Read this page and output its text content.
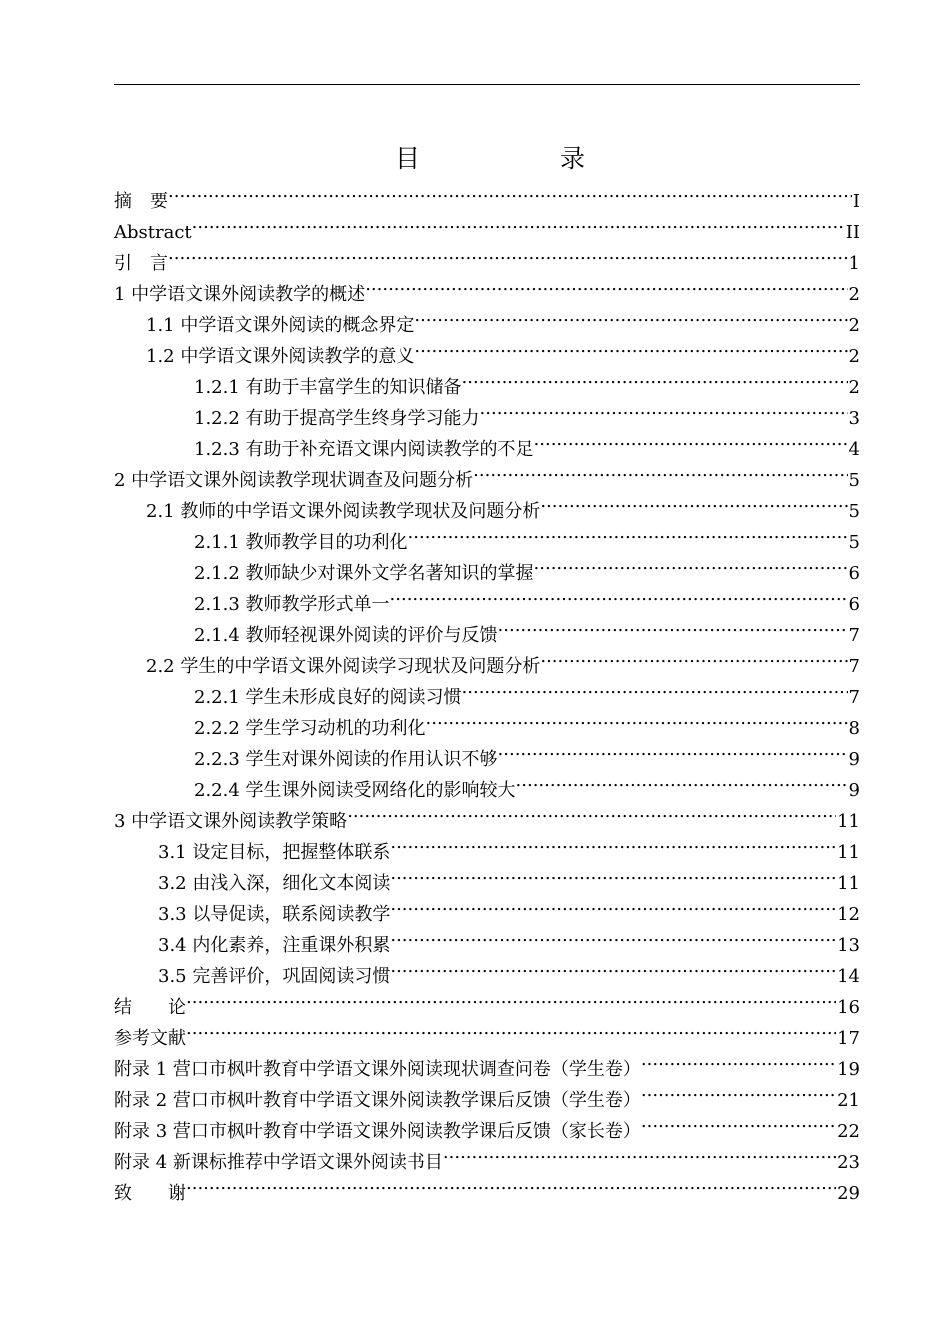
目　　录
摘　要 .....	I
Abstract .....	II
引　言 .....	1
1 中学语文课外阅读教学的概述 .....	2
1.1 中学语文课外阅读的概念界定 .....	2
1.2 中学语文课外阅读教学的意义 .....	2
1.2.1 有助于丰富学生的知识储备 .....	2
1.2.2 有助于提高学生终身学习能力 .....	3
1.2.3 有助于补充语文课内阅读教学的不足 .....	4
2 中学语文课外阅读教学现状调查及问题分析 .....	5
2.1 教师的中学语文课外阅读教学现状及问题分析 .....	5
2.1.1 教师教学目的功利化 .....	5
2.1.2 教师缺少对课外文学名著知识的掌握 .....	6
2.1.3 教师教学形式单一 .....	6
2.1.4 教师轻视课外阅读的评价与反馈 .....	7
2.2 学生的中学语文课外阅读学习现状及问题分析 .....	7
2.2.1 学生未形成良好的阅读习惯 .....	7
2.2.2 学生学习动机的功利化 .....	8
2.2.3 学生对课外阅读的作用认识不够 .....	9
2.2.4 学生课外阅读受网络化的影响较大 .....	9
3 中学语文课外阅读教学策略 .....	11
3.1 设定目标，把握整体联系 .....	11
3.2 由浅入深，细化文本阅读 .....	11
3.3 以导促读，联系阅读教学 .....	12
3.4 内化素养，注重课外积累 .....	13
3.5 完善评价，巩固阅读习惯 .....	14
结　　论 .....	16
参考文献 .....	17
附录 1 营口市枫叶教育中学语文课外阅读现状调查问卷（学生卷） .....	19
附录 2 营口市枫叶教育中学语文课外阅读教学课后反馈（学生卷） .....	21
附录 3 营口市枫叶教育中学语文课外阅读教学课后反馈（家长卷） .....	22
附录 4 新课标推荐中学语文课外阅读书目 .....	23
致　　谢 .....	29
